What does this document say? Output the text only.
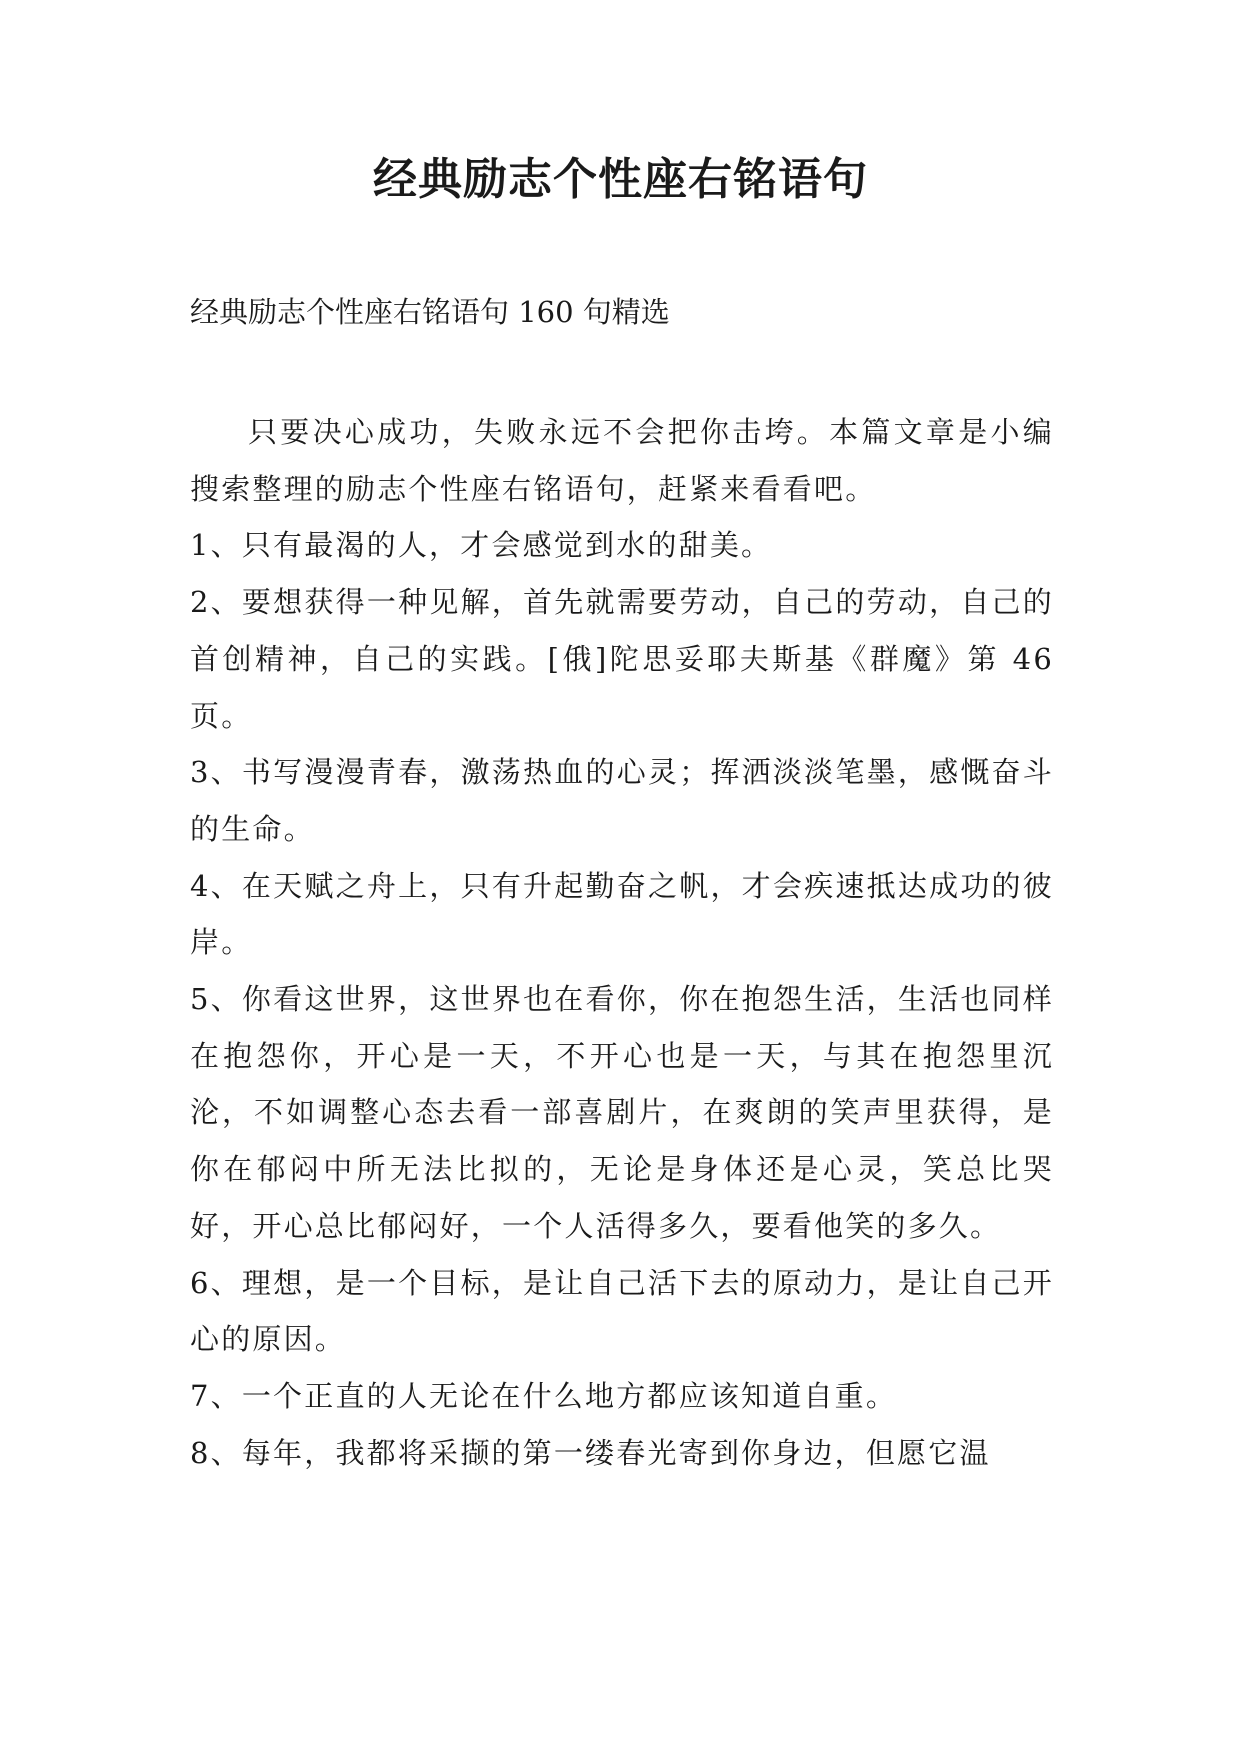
经典励志个性座右铭语句

经典励志个性座右铭语句 160 句精选

只要决心成功，失败永远不会把你击垮。本篇文章是小编搜索整理的励志个性座右铭语句，赶紧来看看吧。

1、只有最渴的人，才会感觉到水的甜美。

2、要想获得一种见解，首先就需要劳动，自己的劳动，自己的首创精神，自己的实践。[俄]陀思妥耶夫斯基《群魔》第 46 页。

3、书写漫漫青春，激荡热血的心灵；挥洒淡淡笔墨，感慨奋斗的生命。

4、在天赋之舟上，只有升起勤奋之帆，才会疾速抵达成功的彼岸。

5、你看这世界，这世界也在看你，你在抱怨生活，生活也同样在抱怨你，开心是一天，不开心也是一天，与其在抱怨里沉沦，不如调整心态去看一部喜剧片，在爽朗的笑声里获得，是你在郁闷中所无法比拟的，无论是身体还是心灵，笑总比哭好，开心总比郁闷好，一个人活得多久，要看他笑的多久。

6、理想，是一个目标，是让自己活下去的原动力，是让自己开心的原因。

7、一个正直的人无论在什么地方都应该知道自重。

8、每年，我都将采撷的第一缕春光寄到你身边，但愿它温
